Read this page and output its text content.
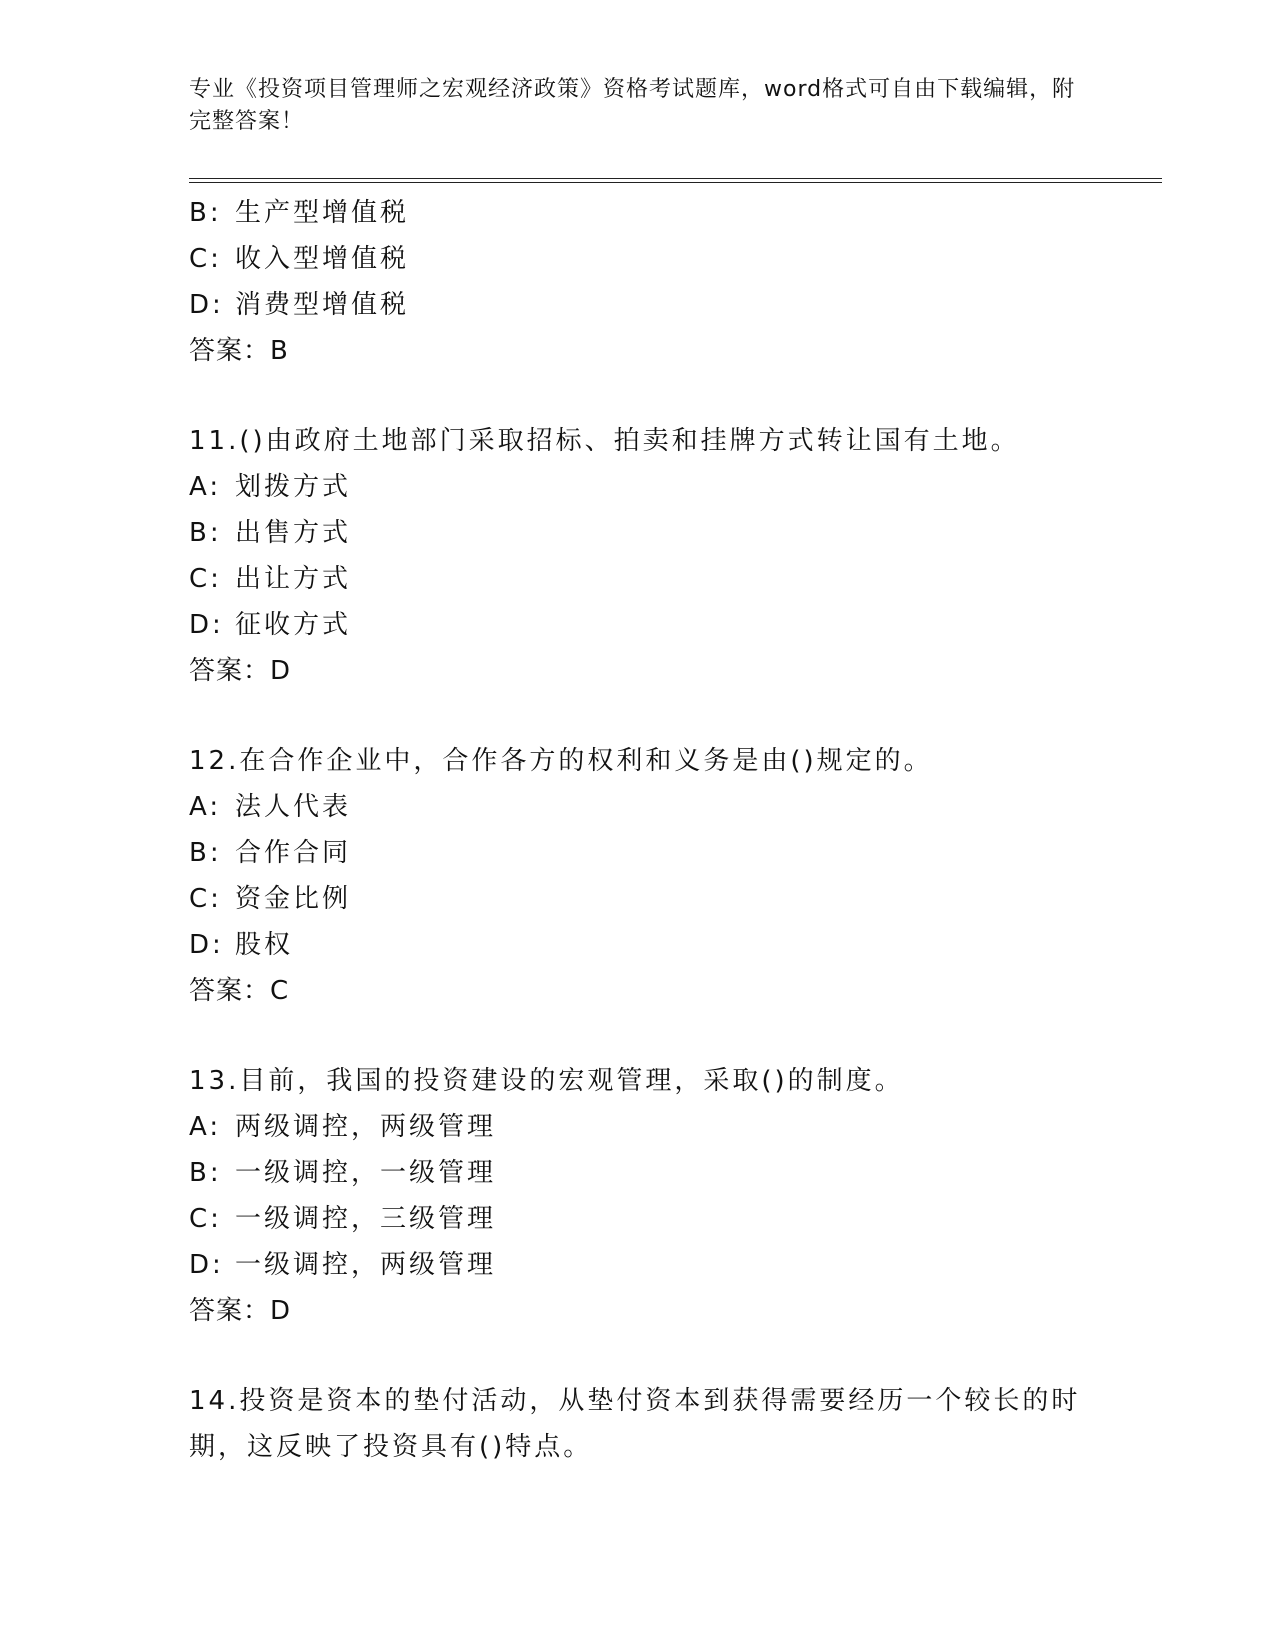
专业《投资项目管理师之宏观经济政策》资格考试题库，word格式可自由下载编辑，附完整答案！
B: 生产型增值税
C: 收入型增值税
D: 消费型增值税
答案：B
11.()由政府土地部门采取招标、拍卖和挂牌方式转让国有土地。
A: 划拨方式
B: 出售方式
C: 出让方式
D: 征收方式
答案：D
12.在合作企业中，合作各方的权利和义务是由()规定的。
A: 法人代表
B: 合作合同
C: 资金比例
D: 股权
答案：C
13.目前，我国的投资建设的宏观管理，采取()的制度。
A: 两级调控，两级管理
B: 一级调控，一级管理
C: 一级调控，三级管理
D: 一级调控，两级管理
答案：D
14.投资是资本的垫付活动，从垫付资本到获得需要经历一个较长的时期，这反映了投资具有()特点。
